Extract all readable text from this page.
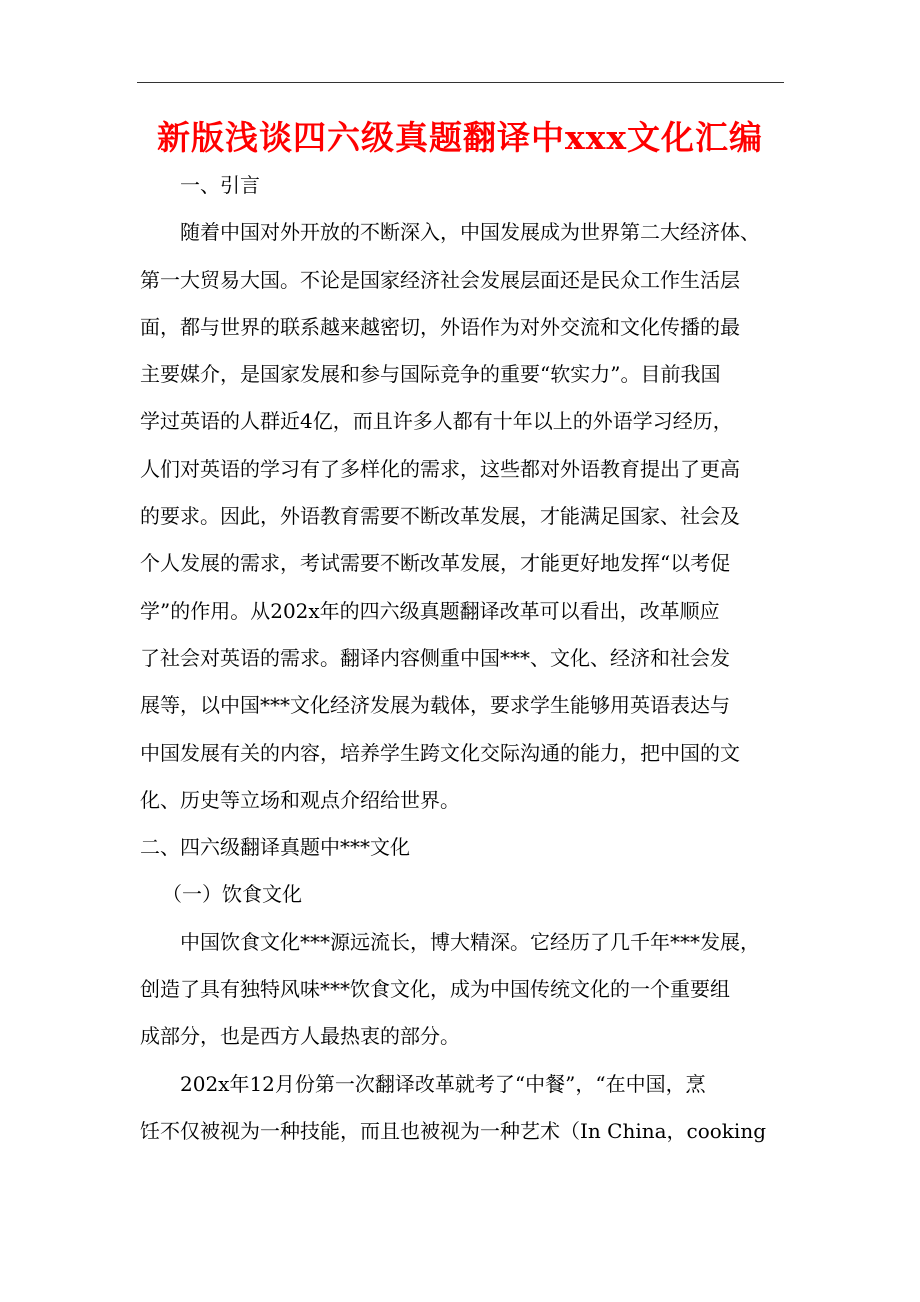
新版浅谈四六级真题翻译中xxx文化汇编
一、引言
随着中国对外开放的不断深入，中国发展成为世界第二大经济体、
第一大贸易大国。不论是国家经济社会发展层面还是民众工作生活层
面，都与世界的联系越来越密切，外语作为对外交流和文化传播的最
主要媒介，是国家发展和参与国际竞争的重要“软实力”。目前我国
学过英语的人群近4亿，而且许多人都有十年以上的外语学习经历，
人们对英语的学习有了多样化的需求，这些都对外语教育提出了更高
的要求。因此，外语教育需要不断改革发展，才能满足国家、社会及
个人发展的需求，考试需要不断改革发展，才能更好地发挥“以考促
学”的作用。从202x年的四六级真题翻译改革可以看出，改革顺应
了社会对英语的需求。翻译内容侧重中国***、文化、经济和社会发
展等，以中国***文化经济发展为载体，要求学生能够用英语表达与
中国发展有关的内容，培养学生跨文化交际沟通的能力，把中国的文
化、历史等立场和观点介绍给世界。
二、四六级翻译真题中***文化
（一）饮食文化
中国饮食文化***源远流长，博大精深。它经历了几千年***发展，
创造了具有独特风味***饮食文化，成为中国传统文化的一个重要组
成部分，也是西方人最热衷的部分。
202x年12月份第一次翻译改革就考了“中餐”，“在中国，烹
饪不仅被视为一种技能，而且也被视为一种艺术（In China，cooking
